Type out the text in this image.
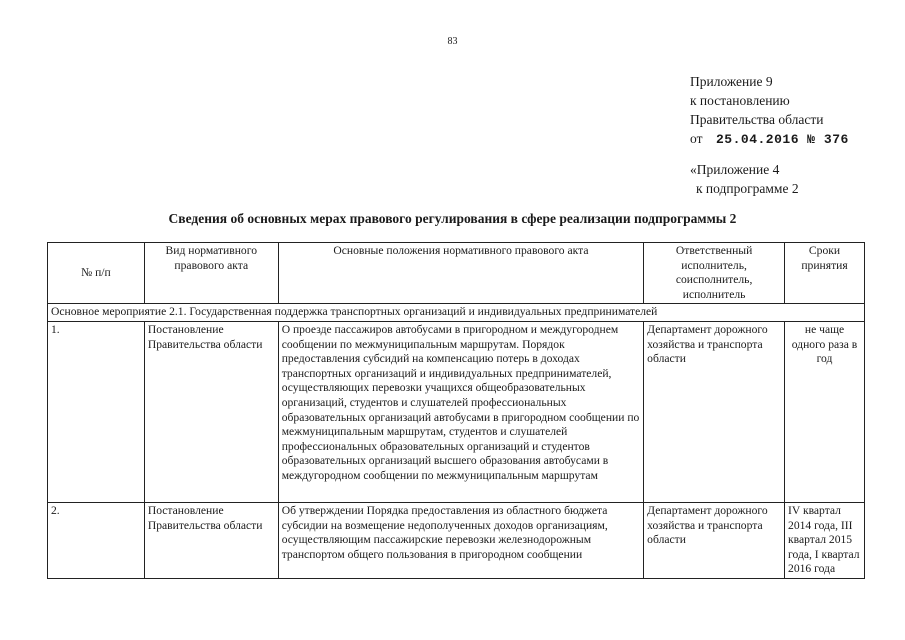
83
Приложение 9
к постановлению
Правительства области
от 25.04.2016 № 376
«Приложение 4
к подпрограмме 2
Сведения об основных мерах правового регулирования в сфере реализации подпрограммы 2
№ п/п	Вид нормативного правового акта	Основные положения нормативного правового акта	Ответственный исполнитель, соисполнитель, исполнитель	Сроки принятия
Основное мероприятие 2.1. Государственная поддержка транспортных организаций и индивидуальных предпринимателей				
1.	Постановление Правительства области	О проезде пассажиров автобусами в пригородном и междугороднем сообщении по межмуниципальным маршрутам. Порядок предоставления субсидий на компенсацию потерь в доходах транспортных организаций и индивидуальных предпринимателей, осуществляющих перевозки учащихся общеобразовательных организаций, студентов и слушателей профессиональных образовательных организаций автобусами в пригородном сообщении по межмуниципальным маршрутам, студентов и слушателей профессиональных образовательных организаций и студентов образовательных организаций высшего образования автобусами в междугородном сообщении по межмуниципальным маршрутам	Департамент дорожного хозяйства и транспорта области	не чаще одного раза в год
2.	Постановление Правительства области	Об утверждении Порядка предоставления из областного бюджета субсидии на возмещение недополученных доходов организациям, осуществляющим пассажирские перевозки железнодорожным транспортом общего пользования в пригородном сообщении	Департамент дорожного хозяйства и транспорта области	IV квартал 2014 года, III квартал 2015 года, I квартал 2016 года
